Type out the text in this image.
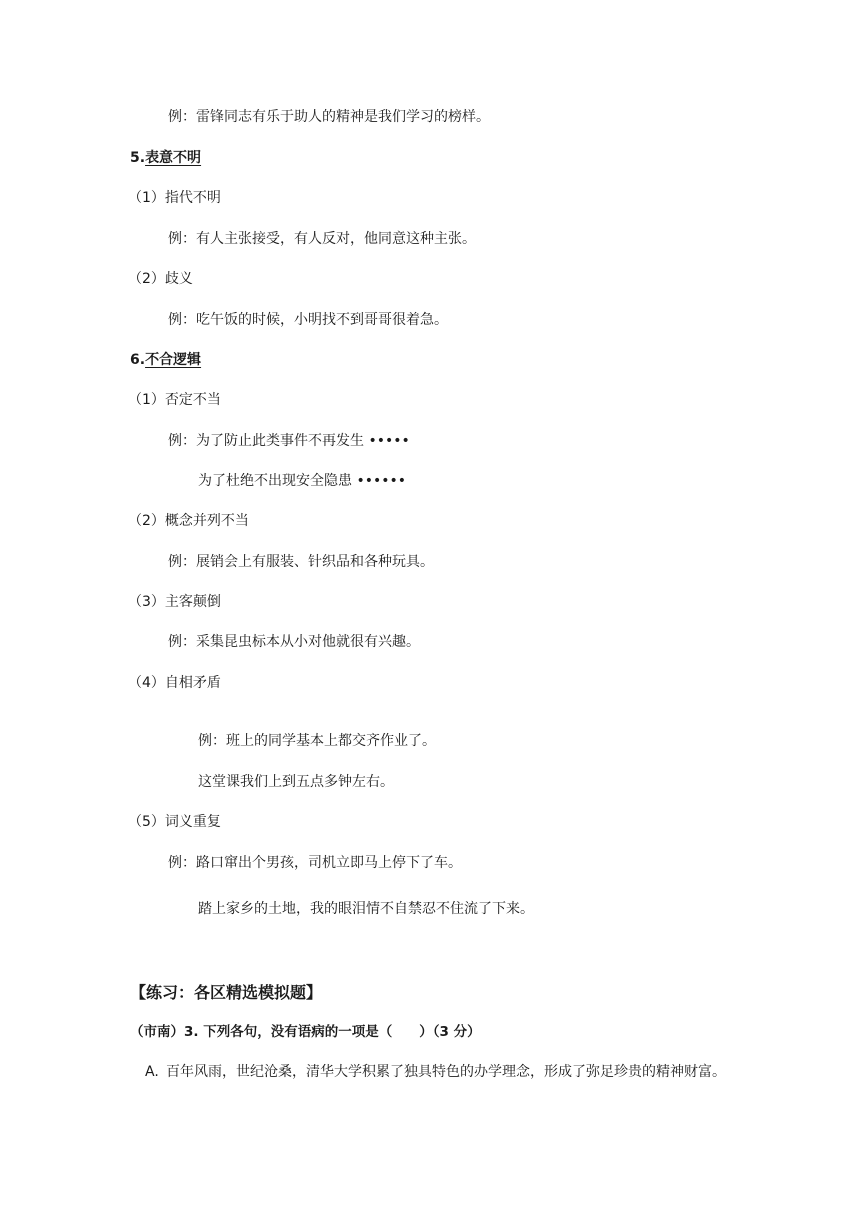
例：雷锋同志有乐于助人的精神是我们学习的榜样。
5.表意不明
（1）指代不明
例：有人主张接受，有人反对，他同意这种主张。
（2）歧义
例：吃午饭的时候，小明找不到哥哥很着急。
6.不合逻辑
（1）否定不当
例：为了防止此类事件不再发生 •••••
为了杜绝不出现安全隐患 ••••••
（2）概念并列不当
例：展销会上有服装、针织品和各种玩具。
（3）主客颠倒
例：采集昆虫标本从小对他就很有兴趣。
（4）自相矛盾
例：班上的同学基本上都交齐作业了。
这堂课我们上到五点多钟左右。
（5）词义重复
例：路口窜出个男孩，司机立即马上停下了车。
踏上家乡的土地，我的眼泪情不自禁忍不住流了下来。
【练习：各区精选模拟题】
（市南）3. 下列各句，没有语病的一项是（　　）（3 分）
A. 百年风雨，世纪沧桑，清华大学积累了独具特色的办学理念，形成了弥足珍贵的精神财富。
